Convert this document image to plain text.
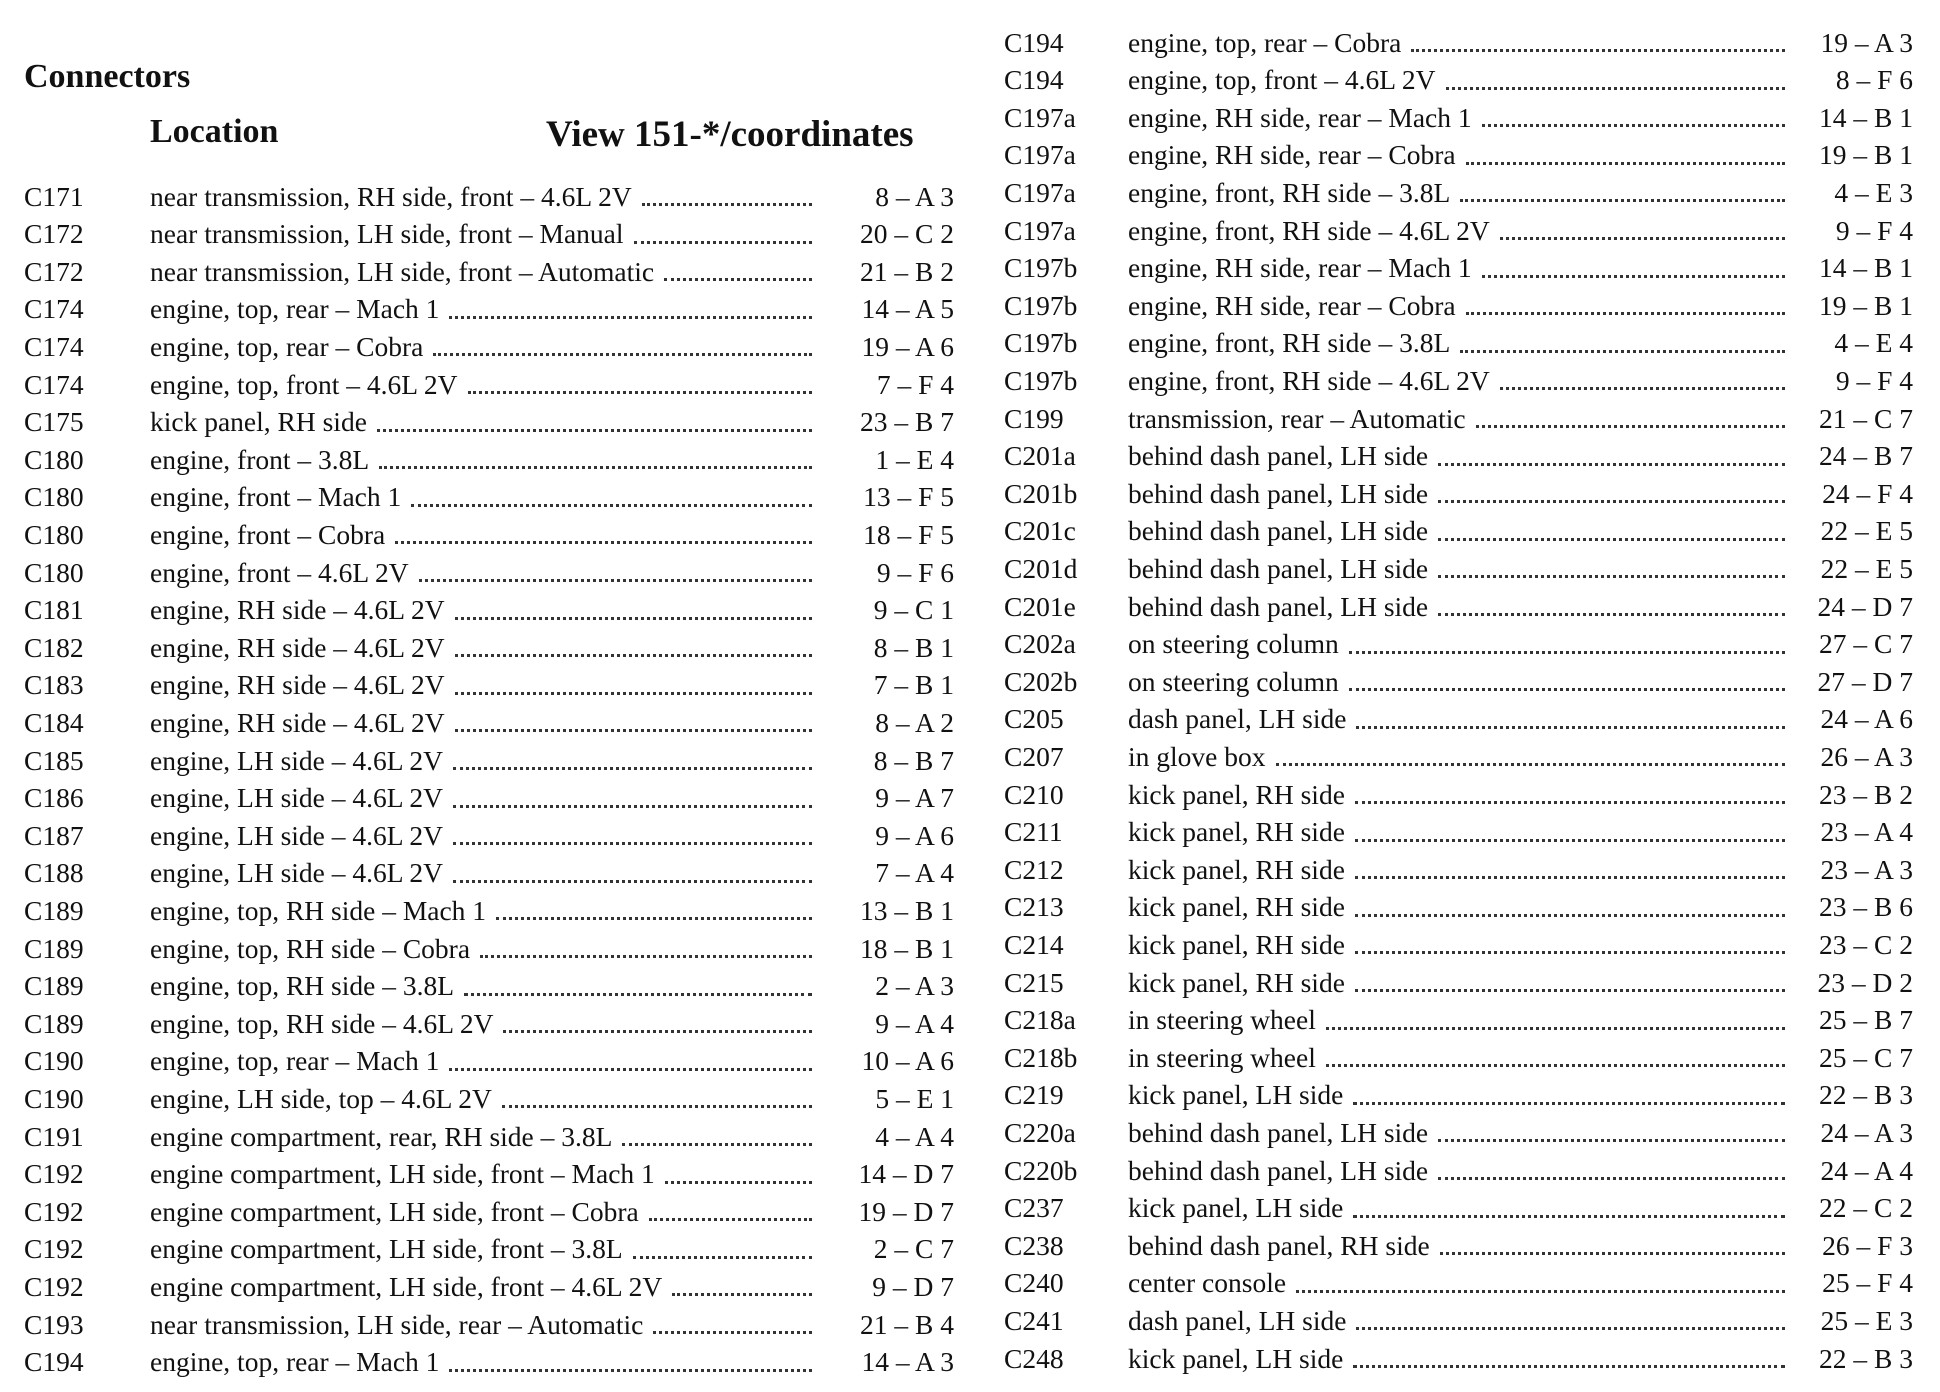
Connectors
Location	View 151-*/coordinates
C171 near transmission, RH side, front – 4.6L 2V	8 – A 3
C172 near transmission, LH side, front – Manual	20 – C 2
C172 near transmission, LH side, front – Automatic	21 – B 2
C174 engine, top, rear – Mach 1	14 – A 5
C174 engine, top, rear – Cobra	19 – A 6
C174 engine, top, front – 4.6L 2V	7 – F 4
C175 kick panel, RH side	23 – B 7
C180 engine, front – 3.8L	1 – E 4
C180 engine, front – Mach 1	13 – F 5
C180 engine, front – Cobra	18 – F 5
C180 engine, front – 4.6L 2V	9 – F 6
C181 engine, RH side – 4.6L 2V	9 – C 1
C182 engine, RH side – 4.6L 2V	8 – B 1
C183 engine, RH side – 4.6L 2V	7 – B 1
C184 engine, RH side – 4.6L 2V	8 – A 2
C185 engine, LH side – 4.6L 2V	8 – B 7
C186 engine, LH side – 4.6L 2V	9 – A 7
C187 engine, LH side – 4.6L 2V	9 – A 6
C188 engine, LH side – 4.6L 2V	7 – A 4
C189 engine, top, RH side – Mach 1	13 – B 1
C189 engine, top, RH side – Cobra	18 – B 1
C189 engine, top, RH side – 3.8L	2 – A 3
C189 engine, top, RH side – 4.6L 2V	9 – A 4
C190 engine, top, rear – Mach 1	10 – A 6
C190 engine, LH side, top – 4.6L 2V	5 – E 1
C191 engine compartment, rear, RH side – 3.8L	4 – A 4
C192 engine compartment, LH side, front – Mach 1	14 – D 7
C192 engine compartment, LH side, front – Cobra	19 – D 7
C192 engine compartment, LH side, front – 3.8L	2 – C 7
C192 engine compartment, LH side, front – 4.6L 2V	9 – D 7
C193 near transmission, LH side, rear – Automatic	21 – B 4
C194 engine, top, rear – Mach 1	14 – A 3
C194 engine, top, rear – Cobra	19 – A 3
C194 engine, top, front – 4.6L 2V	8 – F 6
C197a engine, RH side, rear – Mach 1	14 – B 1
C197a engine, RH side, rear – Cobra	19 – B 1
C197a engine, front, RH side – 3.8L	4 – E 3
C197a engine, front, RH side – 4.6L 2V	9 – F 4
C197b engine, RH side, rear – Mach 1	14 – B 1
C197b engine, RH side, rear – Cobra	19 – B 1
C197b engine, front, RH side – 3.8L	4 – E 4
C197b engine, front, RH side – 4.6L 2V	9 – F 4
C199 transmission, rear – Automatic	21 – C 7
C201a behind dash panel, LH side	24 – B 7
C201b behind dash panel, LH side	24 – F 4
C201c behind dash panel, LH side	22 – E 5
C201d behind dash panel, LH side	22 – E 5
C201e behind dash panel, LH side	24 – D 7
C202a on steering column	27 – C 7
C202b on steering column	27 – D 7
C205 dash panel, LH side	24 – A 6
C207 in glove box	26 – A 3
C210 kick panel, RH side	23 – B 2
C211 kick panel, RH side	23 – A 4
C212 kick panel, RH side	23 – A 3
C213 kick panel, RH side	23 – B 6
C214 kick panel, RH side	23 – C 2
C215 kick panel, RH side	23 – D 2
C218a in steering wheel	25 – B 7
C218b in steering wheel	25 – C 7
C219 kick panel, LH side	22 – B 3
C220a behind dash panel, LH side	24 – A 3
C220b behind dash panel, LH side	24 – A 4
C237 kick panel, LH side	22 – C 2
C238 behind dash panel, RH side	26 – F 3
C240 center console	25 – F 4
C241 dash panel, LH side	25 – E 3
C248 kick panel, LH side	22 – B 3
